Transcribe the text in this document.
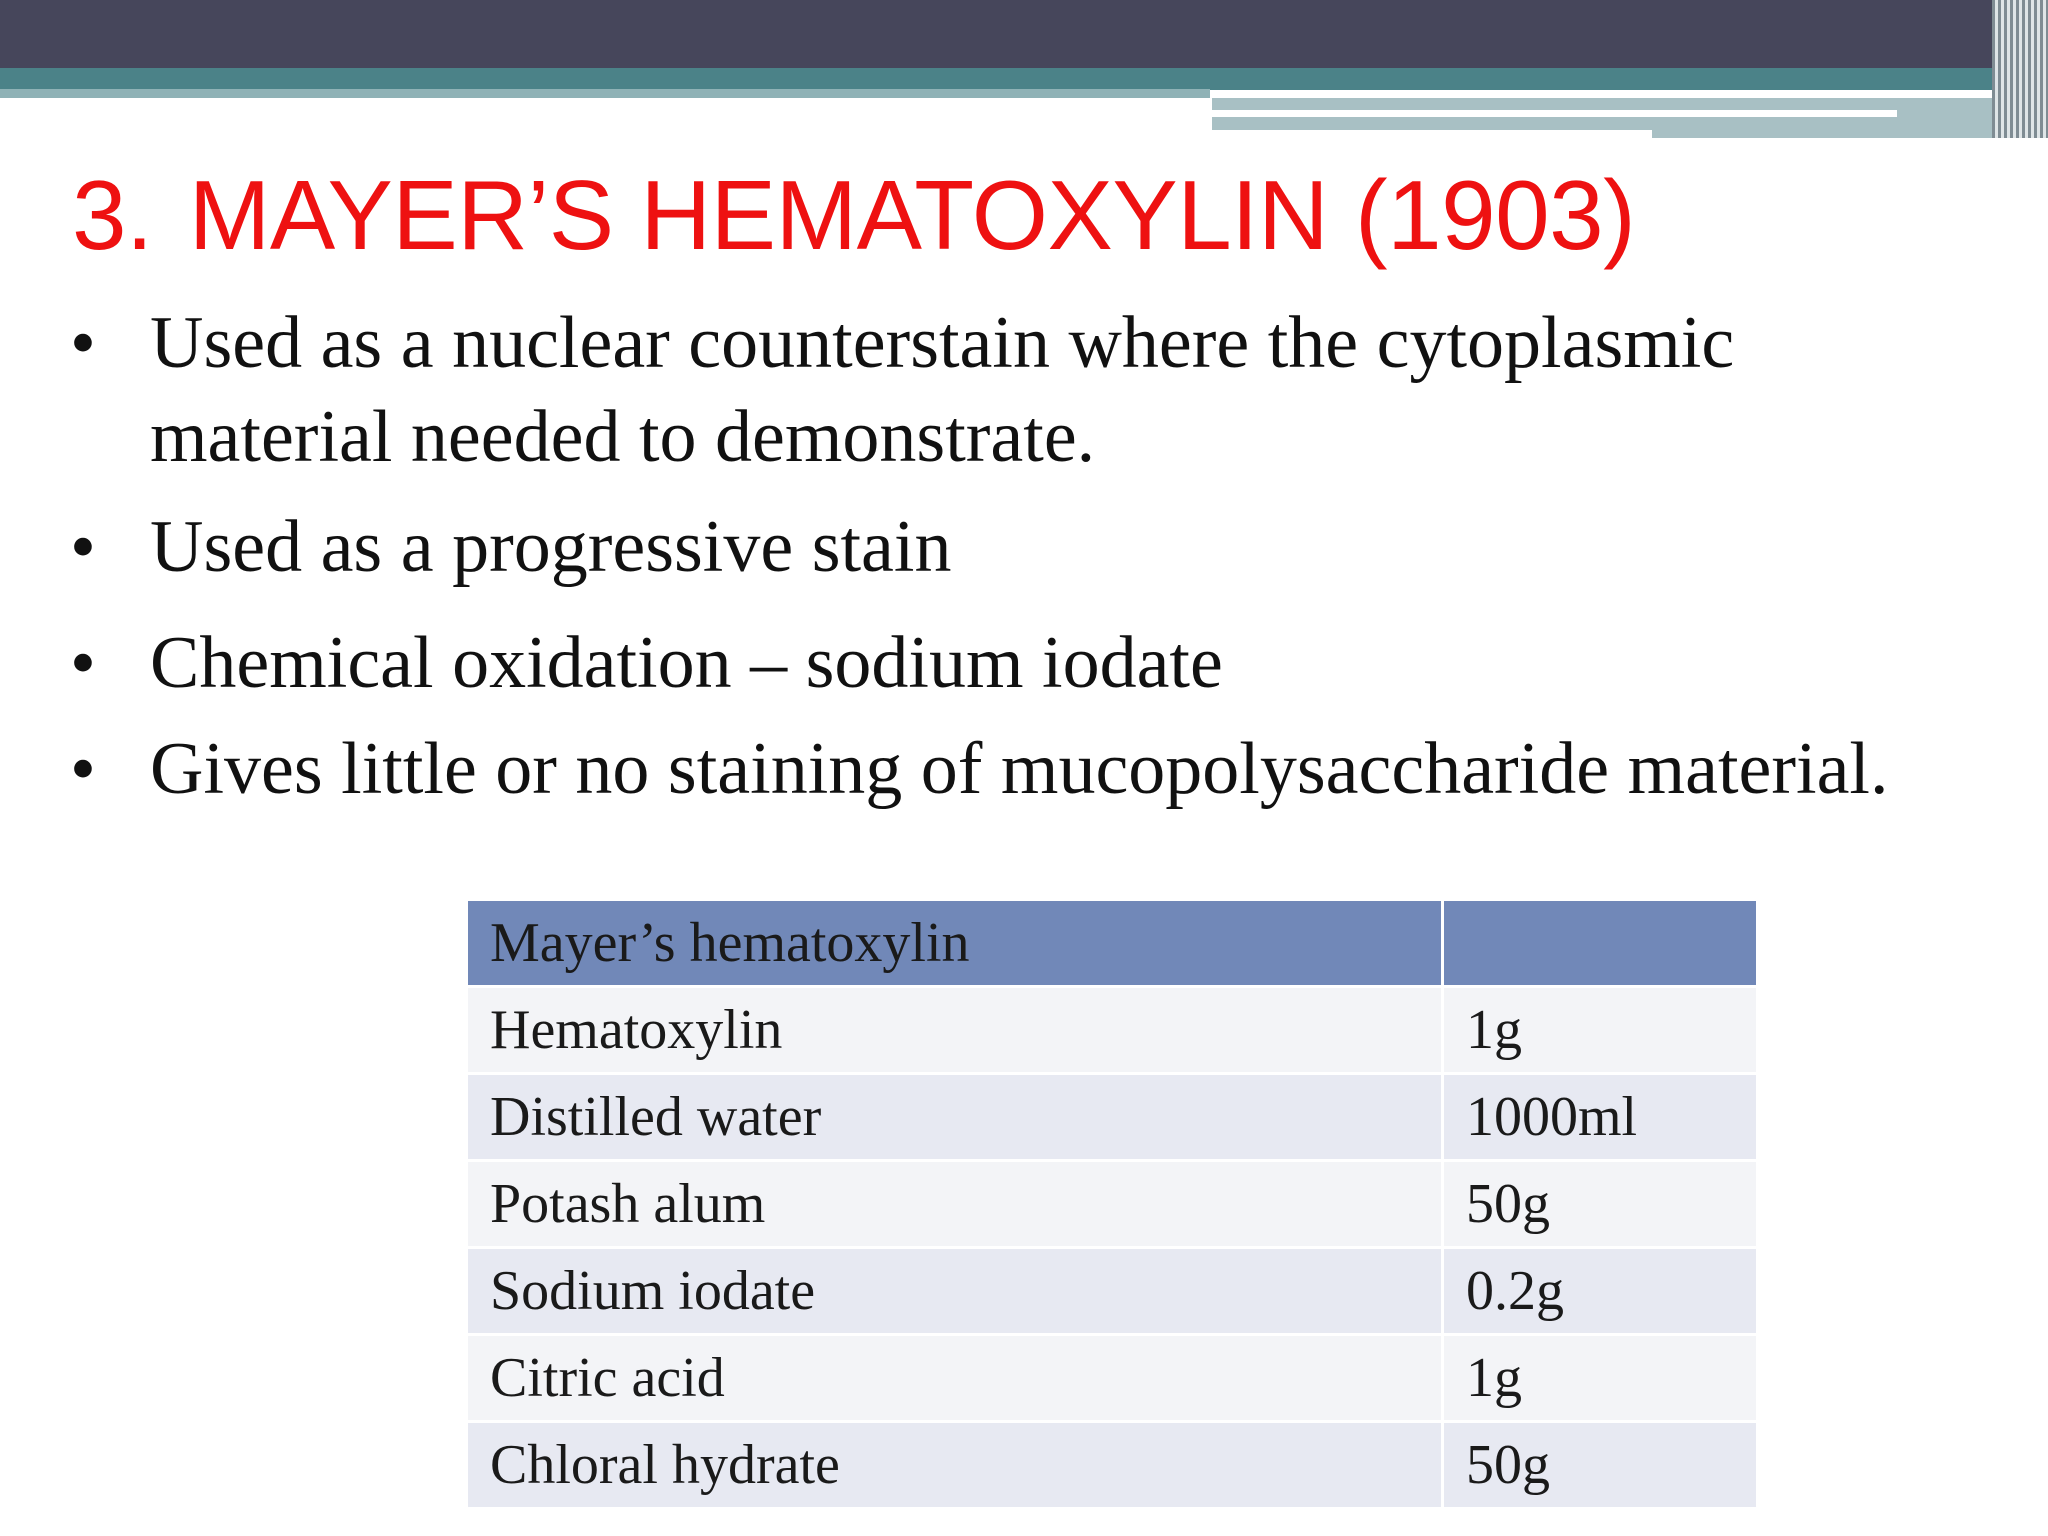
3. MAYER’S HEMATOXYLIN (1903)
• Used as a nuclear counterstain where the cytoplasmic material needed to demonstrate.
• Used as a progressive stain
• Chemical oxidation – sodium iodate
• Gives little or no staining of mucopolysaccharide material.
Mayer’s hematoxylin	
Hematoxylin	1g
Distilled water	1000ml
Potash alum	50g
Sodium iodate	0.2g
Citric acid	1g
Chloral hydrate	50g
